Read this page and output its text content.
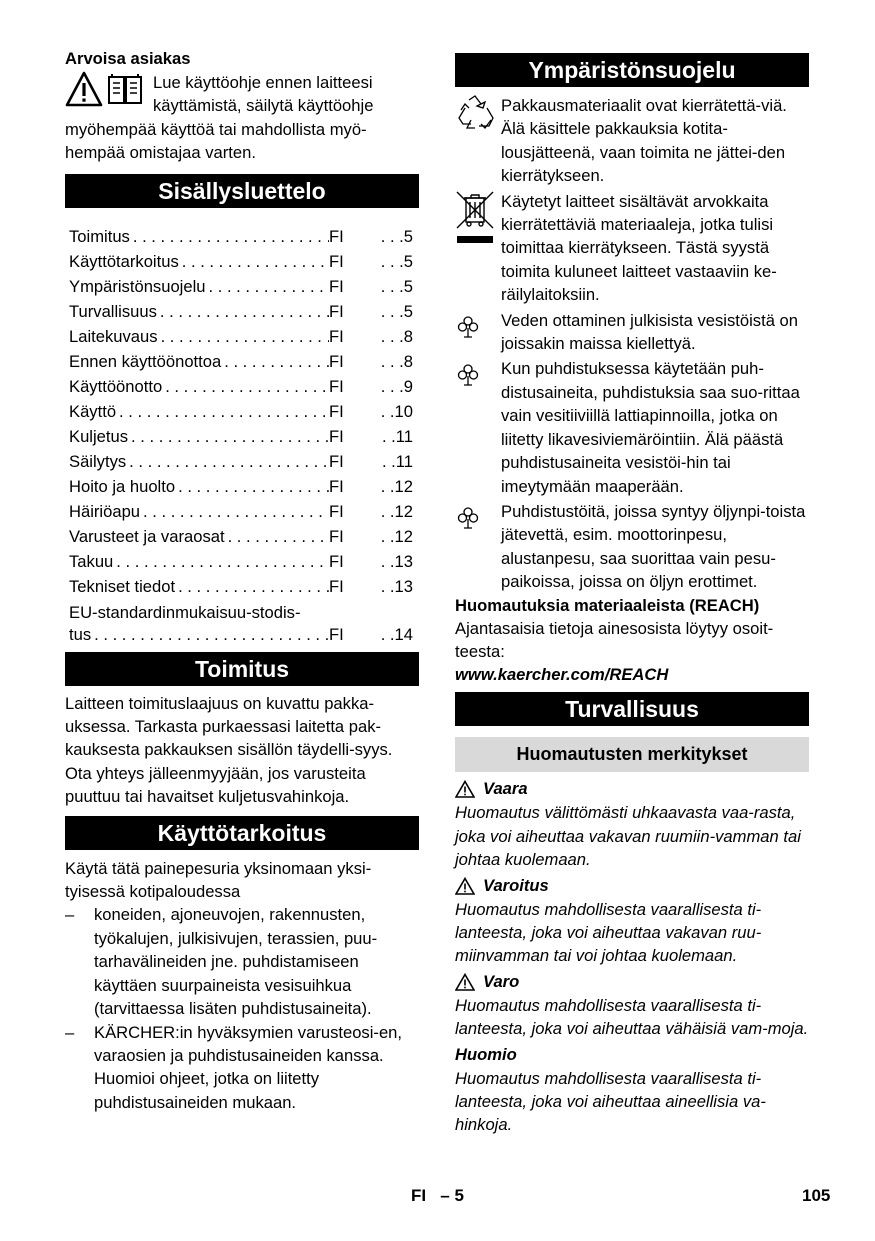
Arvoisa asiakas

Lue käyttöohje ennen laitteesi

käyttämistä, säilytä käyttöohje

myöhempää käyttöä tai mahdollista myö-hempää omistajaa varten.

Sisällysluettelo
Toimitus . . .	FI	. . .5
Käyttötarkoitus . . .	FI	. . .5
Ympäristönsuojelu . . .	FI	. . .5
Turvallisuus . . .	FI	. . .5
Laitekuvaus . . .	FI	. . .8
Ennen käyttöönottoa . . .	FI	. . .8
Käyttöönotto . . .	FI	. . .9
Käyttö . . .	FI	. .10
Kuljetus . . .	FI	. .11
Säilytys . . .	FI	. .11
Hoito ja huolto . . .	FI	. .12
Häiriöapu . . .	FI	. .12
Varusteet ja varaosat . . .	FI	. .12
Takuu . . .	FI	. .13
Tekniset tiedot . . .	FI	. .13

EU-standardinmukaisuu-stodis-

tus . . .	FI	. .14
Toimitus

Laitteen toimituslaajuus on kuvattu pakka-uksessa. Tarkasta purkaessasi laitetta pak-kauksesta pakkauksen sisällön täydelli-syys.

Ota yhteys jälleenmyyjään, jos varusteita puuttuu tai havaitset kuljetusvahinkoja.

Käyttötarkoitus

Käytä tätä painepesuria yksinomaan yksi-tyisessä kotipaloudessa

– koneiden, ajoneuvojen, rakennusten, työkalujen, julkisivujen, terassien, puu-tarhavälineiden jne. puhdistamiseen käyttäen suurpaineista vesisuihkua (tarvittaessa lisäten puhdistusaineita).
– KÄRCHER:in hyväksymien varusteosi-en, varaosien ja puhdistusaineiden kanssa. Huomioi ohjeet, jotka on liitetty puhdistusaineiden mukaan.
Ympäristönsuojelu
Pakkausmateriaalit ovat kierrätettä-viä. Älä käsittele pakkauksia kotita-lousjätteenä, vaan toimita ne jättei-den kierrätykseen.
Käytetyt laitteet sisältävät arvokkaita kierrätettäviä materiaaleja, jotka tulisi toimittaa kierrätykseen. Tästä syystä toimita kuluneet laitteet vastaaviin ke-räilylaitoksiin.
Veden ottaminen julkisista vesistöistä on joissakin maissa kiellettyä.
Kun puhdistuksessa käytetään puh-distusaineita, puhdistuksia saa suo-rittaa vain vesitiiviillä lattiapinnoilla, jotka on liitetty likavesiviemäröintiin. Älä päästä puhdistusaineita vesistöi-hin tai imeytymään maaperään.
Puhdistustöitä, joissa syntyy öljynpi-toista jätevettä, esim. moottorinpesu, alustanpesu, saa suorittaa vain pesu-paikoissa, joissa on öljyn erottimet.

Huomautuksia materiaaleista (REACH)

Ajantasaisia tietoja ainesosista löytyy osoit-teesta:

www.kaercher.com/REACH

Turvallisuus
Huomautusten merkitykset
Vaara

Huomautus välittömästi uhkaavasta vaa-rasta, joka voi aiheuttaa vakavan ruumiin-vamman tai johtaa kuolemaan.

Varoitus

Huomautus mahdollisesta vaarallisesta ti-lanteesta, joka voi aiheuttaa vakavan ruu-miinvamman tai voi johtaa kuolemaan.

Varo

Huomautus mahdollisesta vaarallisesta ti-lanteesta, joka voi aiheuttaa vähäisiä vam-moja.

Huomio

Huomautus mahdollisesta vaarallisesta ti-lanteesta, joka voi aiheuttaa aineellisia va-hinkoja.

FI   – 5	105
